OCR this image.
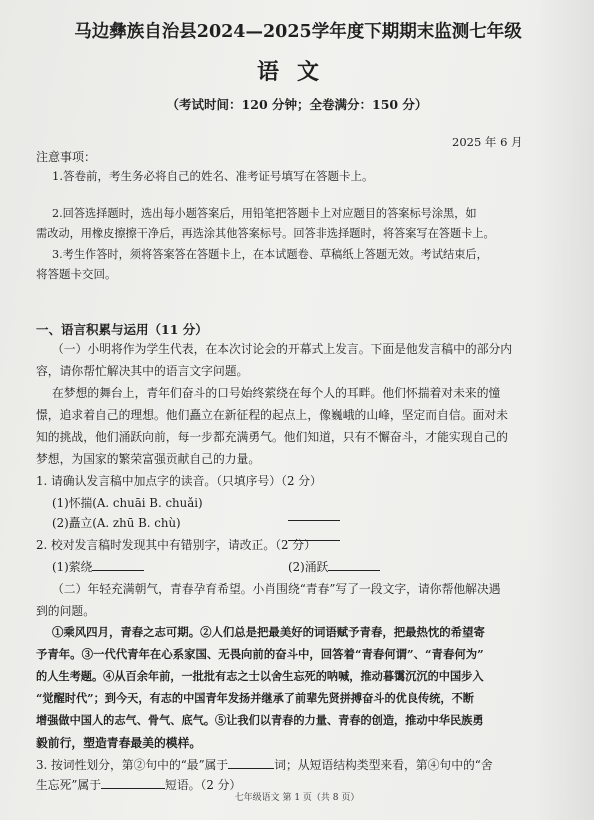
马边彝族自治县2024—2025学年度下期期末监测七年级
语文
（考试时间：120 分钟；全卷满分：150 分）
2025 年 6 月
注意事项：
1.答卷前，考生务必将自己的姓名、准考证号填写在答题卡上。
2.回答选择题时，选出每小题答案后，用铅笔把答题卡上对应题目的答案标号涂黑，如
需改动，用橡皮擦擦干净后，再选涂其他答案标号。回答非选择题时，将答案写在答题卡上。
3.考生作答时，须将答案答在答题卡上，在本试题卷、草稿纸上答题无效。考试结束后，
将答题卡交回。
一、语言积累与运用（11 分）
（一）小明将作为学生代表，在本次讨论会的开幕式上发言。下面是他发言稿中的部分内
容，请你帮忙解决其中的语言文字问题。
在梦想的舞台上，青年们奋斗的口号始终萦绕在每个人的耳畔。他们怀揣着对未来的憧
憬，追求着自己的理想。他们矗立在新征程的起点上，像巍峨的山峰，坚定而自信。面对未
知的挑战，他们涌跃向前，每一步都充满勇气。他们知道，只有不懈奋斗，才能实现自己的
梦想，为国家的繁荣富强贡献自己的力量。
1. 请确认发言稿中加点字的读音。（只填序号）（2 分）
(1)怀揣(A. chuāi B. chuǎi)
(2)矗立(A. zhū B. chù)
2. 校对发言稿时发现其中有错别字，请改正。（2 分）
(1)萦绕	(2)涌跃
（二）年轻充满朝气，青春孕育希望。小肖围绕“青春”写了一段文字，请你帮他解决遇
到的问题。
①乘风四月，青春之志可期。②人们总是把最美好的词语赋予青春，把最热忱的希望寄
予青年。③一代代青年在心系家国、无畏向前的奋斗中，回答着“青春何谓”、“青春何为”
的人生考题。④从百余年前，一批批有志之士以舍生忘死的呐喊，推动暮霭沉沉的中国步入
“觉醒时代”；到今天，有志的中国青年发扬并继承了前辈先贤拼搏奋斗的优良传统，不断
增强做中国人的志气、骨气、底气。⑤让我们以青春的力量、青春的创造，推动中华民族勇
毅前行，塑造青春最美的模样。
3. 按词性划分，第②句中的“最”属于	词；从短语结构类型来看，第④句中的“舍
生忘死”属于	短语。（2 分）
七年级语文 第 1 页（共 8 页）
